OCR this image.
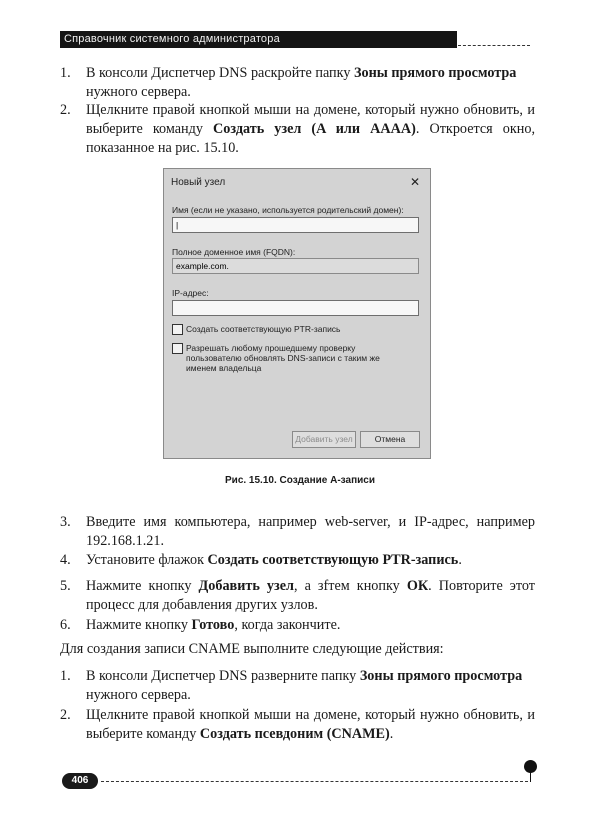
Справочник системного администратора
1.	В консоли Диспетчер DNS раскройте папку Зоны прямого просмотра нужного сервера.
2.	Щелкните правой кнопкой мыши на домене, который нужно обновить, и выберите команду Создать узел (A или AAAA). Откроется окно, показанное на рис. 15.10.
Новый узел	✕
Имя (если не указано, используется родительский домен):
|
Полное доменное имя (FQDN):
example.com.
IP-адрес:
Создать соответствующую PTR-запись
Разрешать любому прошедшему проверку пользователю обновлять DNS-записи с таким же именем владельца
Добавить узел	Отмена
Рис. 15.10. Создание А-записи
3.	Введите имя компьютера, например web-server, и IP-адрес, например 192.168.1.21.
4.	Установите флажок Создать соответствующую PTR-запись.
5.	Нажмите кнопку Добавить узел, а зfтем кнопку ОК. Повторите этот процесс для добавления других узлов.
6.	Нажмите кнопку Готово, когда закончите.
Для создания записи CNAME выполните следующие действия:
1.	В консоли Диспетчер DNS разверните папку Зоны прямого просмотра нужного сервера.
2.	Щелкните правой кнопкой мыши на домене, который нужно обновить, и выберите команду Создать псевдоним (CNAME).
406
